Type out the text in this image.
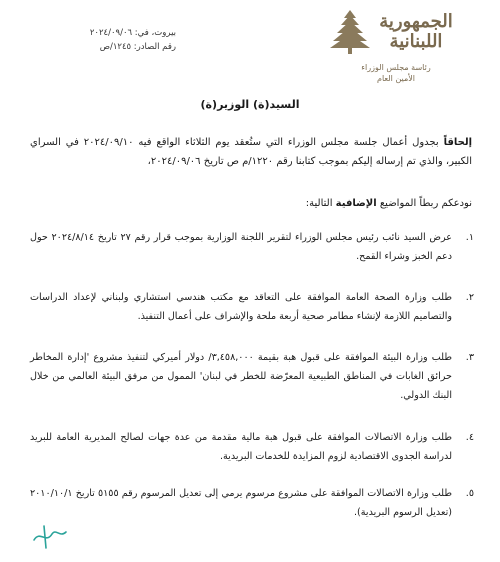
الجمهورية اللبنانية
رئاسة مجلس الوزراء
الأمين العام
بيروت، في: ٢٠٢٤/٠٩/٠٦
رقم الصادر: ١٢٤٥/ص
السيد(ة) الوزير(ة)
إلحاقاً بجدول أعمال جلسة مجلس الوزراء التي ستُعقد يوم الثلاثاء الواقع فيه ٢٠٢٤/٠٩/١٠ في السراي الكبير، والذي تم إرساله إليكم بموجب كتابنا رقم ١٢٢٠/م ص تاريخ ٢٠٢٤/٠٩/٠٦،
نودعكم ربطاً المواضيع الإضافية التالية:
١.
عرض السيد نائب رئيس مجلس الوزراء لتقرير اللجنة الوزارية بموجب قرار رقم ٢٧ تاريخ ٢٠٢٤/٨/١٤ حول دعم الخبز وشراء القمح.
٢.
طلب وزارة الصحة العامة الموافقة على التعاقد مع مكتب هندسي استشاري ولبناني لإعداد الدراسات والتصاميم اللازمة لإنشاء مطامر صحية أربعة ملحة والإشراف على أعمال التنفيذ.
٣.
طلب وزارة البيئة الموافقة على قبول هبة بقيمة ٣,٤٥٨,٠٠٠/ دولار أميركي لتنفيذ مشروع 'إدارة المخاطر حرائق الغابات في المناطق الطبيعية المعرّضة للخطر في لبنان' الممول من مرفق البيئة العالمي من خلال البنك الدولي.
٤.
طلب وزارة الاتصالات الموافقة على قبول هبة مالية مقدمة من عدة جهات لصالح المديرية العامة للبريد لدراسة الجدوى الاقتصادية لزوم المزايدة للخدمات البريدية.
٥.
طلب وزارة الاتصالات الموافقة على مشروع مرسوم يرمي إلى تعديل المرسوم رقم ٥١٥٥ تاريخ ٢٠١٠/١٠/١ (تعديل الرسوم البريدية).
